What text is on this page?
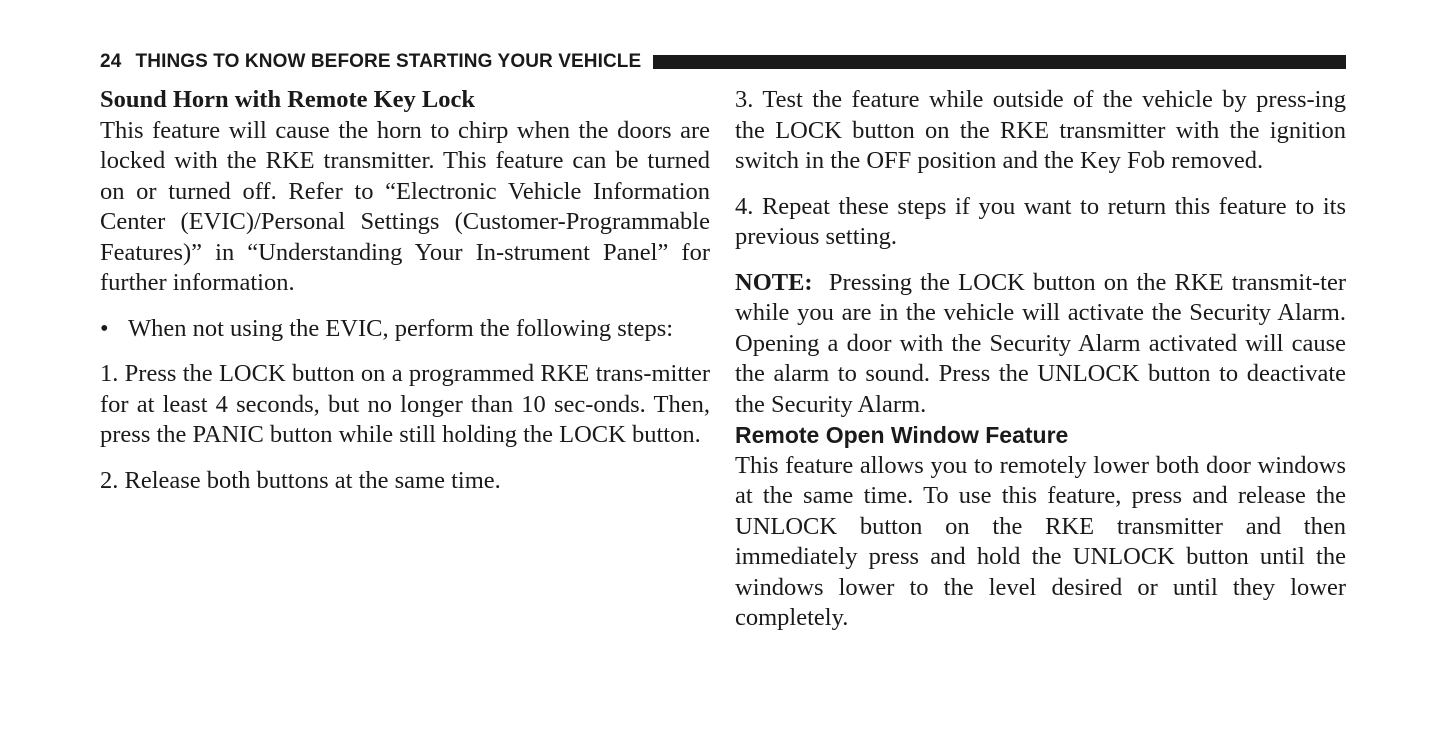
24 THINGS TO KNOW BEFORE STARTING YOUR VEHICLE
Sound Horn with Remote Key Lock

This feature will cause the horn to chirp when the doors are locked with the RKE transmitter. This feature can be turned on or turned off. Refer to “Electronic Vehicle Information Center (EVIC)/Personal Settings (Customer-Programmable Features)” in “Understanding Your In-strument Panel” for further information.

• When not using the EVIC, perform the following steps:

1. Press the LOCK button on a programmed RKE trans-mitter for at least 4 seconds, but no longer than 10 sec-onds. Then, press the PANIC button while still holding the LOCK button.

2. Release both buttons at the same time.

3. Test the feature while outside of the vehicle by press-ing the LOCK button on the RKE transmitter with the ignition switch in the OFF position and the Key Fob removed.

4. Repeat these steps if you want to return this feature to its previous setting.

NOTE: Pressing the LOCK button on the RKE transmit-ter while you are in the vehicle will activate the Security Alarm. Opening a door with the Security Alarm activated will cause the alarm to sound. Press the UNLOCK button to deactivate the Security Alarm.

Remote Open Window Feature

This feature allows you to remotely lower both door windows at the same time. To use this feature, press and release the UNLOCK button on the RKE transmitter and then immediately press and hold the UNLOCK button until the windows lower to the level desired or until they lower completely.
